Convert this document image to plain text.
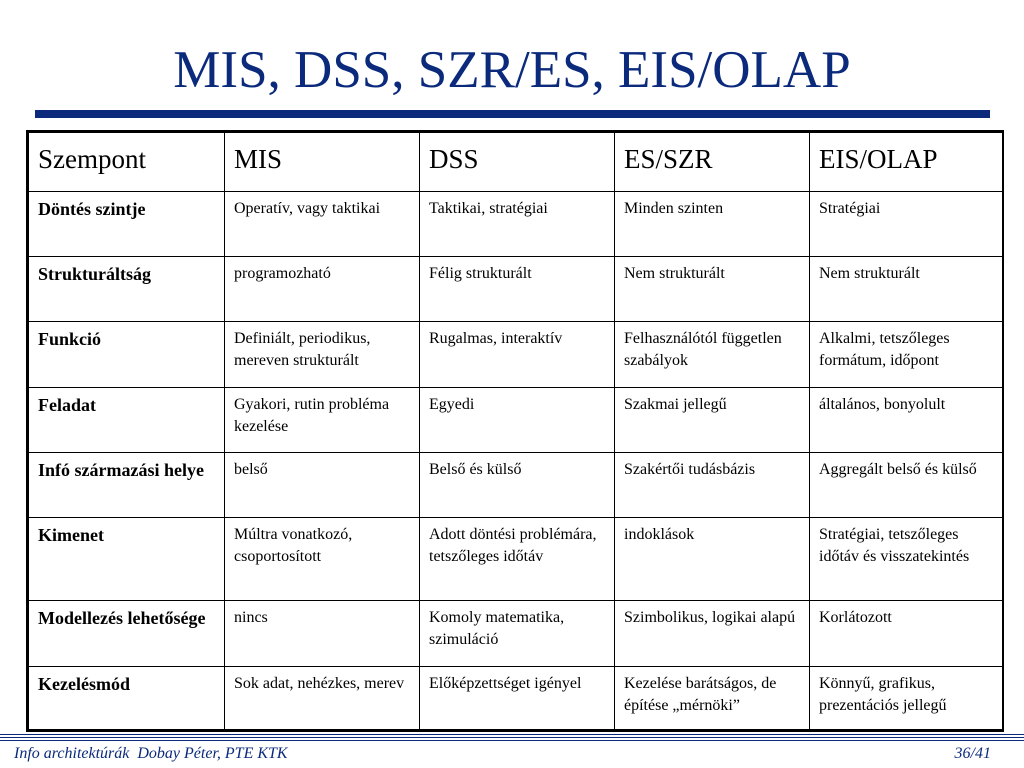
MIS, DSS, SZR/ES, EIS/OLAP
Szempont	MIS	DSS	ES/SZR	EIS/OLAP
Döntés szintje	Operatív, vagy taktikai	Taktikai, stratégiai	Minden szinten	Stratégiai
Strukturáltság	programozható	Félig strukturált	Nem strukturált	Nem strukturált
Funkció	Definiált, periodikus, mereven strukturált	Rugalmas, interaktív	Felhasználótól független szabályok	Alkalmi, tetszőleges formátum, időpont
Feladat	Gyakori, rutin probléma kezelése	Egyedi	Szakmai jellegű	általános, bonyolult
Infó származási helye	belső	Belső és külső	Szakértői tudásbázis	Aggregált belső és külső
Kimenet	Múltra vonatkozó, csoportosított	Adott döntési problémára, tetszőleges időtáv	indoklások	Stratégiai, tetszőleges időtáv és visszatekintés
Modellezés lehetősége	nincs	Komoly matematika, szimuláció	Szimbolikus, logikai alapú	Korlátozott
Kezelésmód	Sok adat, nehézkes, merev	Előképzettséget igényel	Kezelése barátságos, de építése „mérnöki”	Könnyű, grafikus, prezentációs jellegű
Info architektúrák  Dobay Péter, PTE KTK	36/41
